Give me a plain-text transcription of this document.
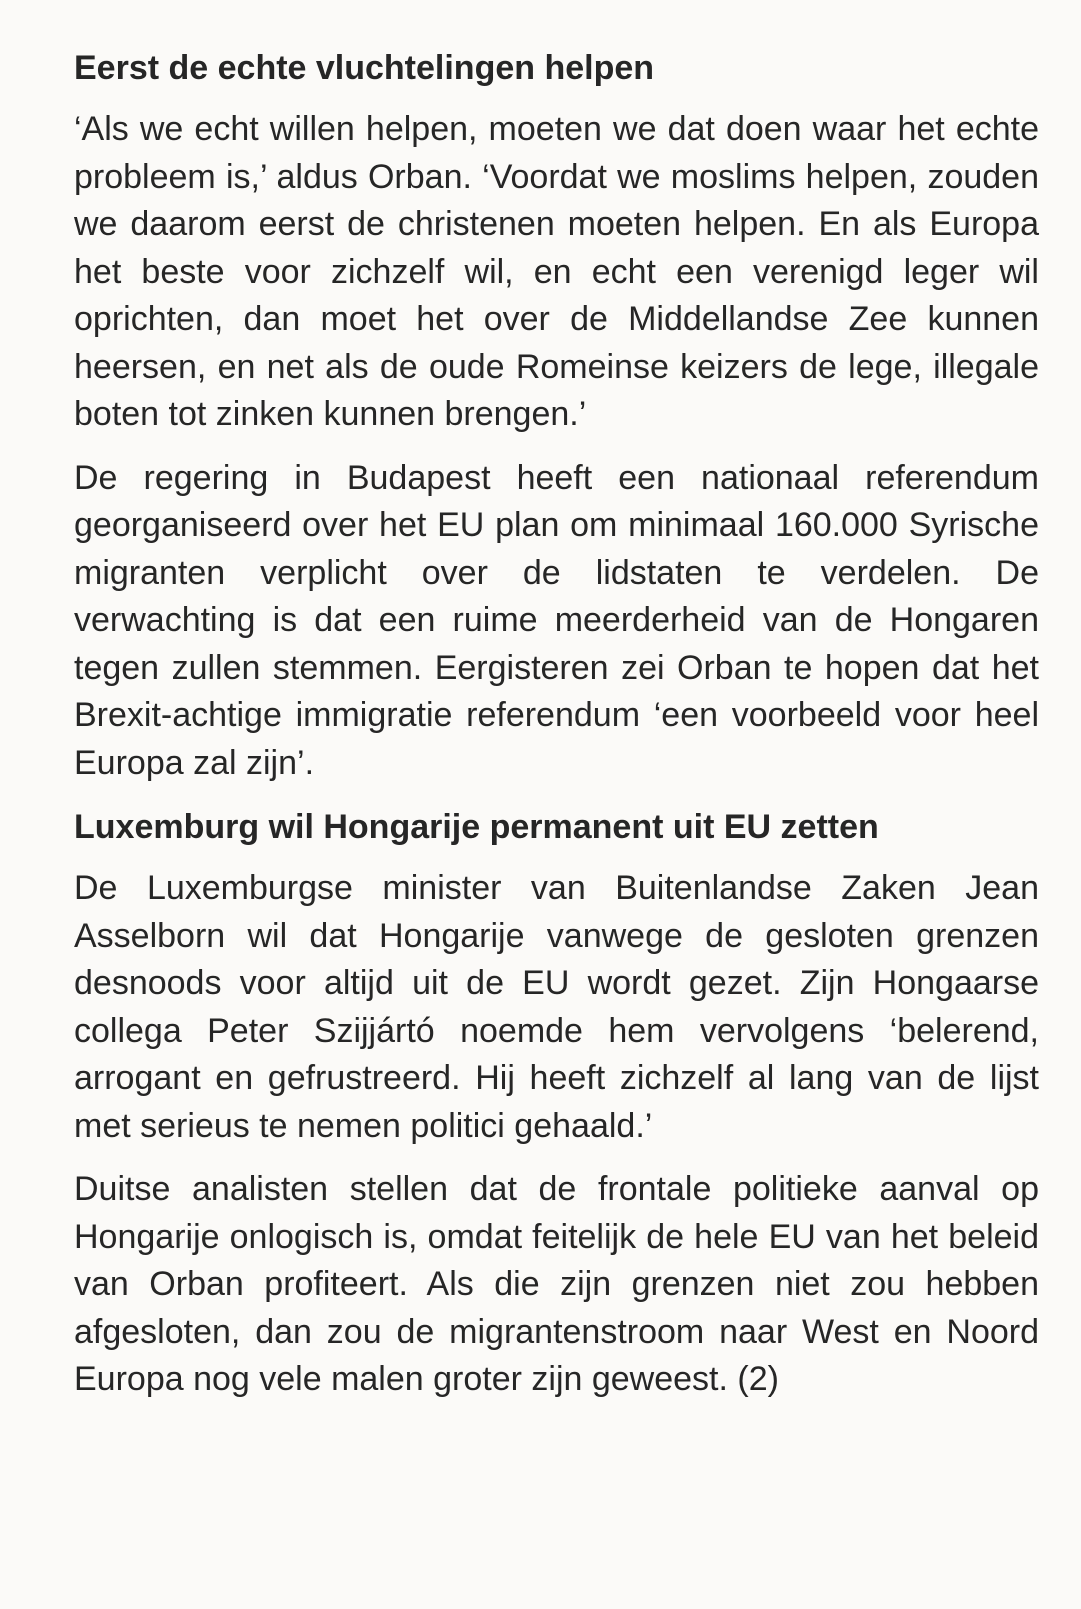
Eerst de echte vluchtelingen helpen

‘Als we echt willen helpen, moeten we dat doen waar het echte probleem is,’ aldus Orban. ‘Voordat we moslims helpen, zouden we daarom eerst de christenen moeten helpen. En als Europa het beste voor zichzelf wil, en echt een verenigd leger wil oprichten, dan moet het over de Middellandse Zee kunnen heersen, en net als de oude Romeinse keizers de lege, illegale boten tot zinken kunnen brengen.’

De regering in Budapest heeft een nationaal referendum georganiseerd over het EU plan om minimaal 160.000 Syrische migranten verplicht over de lidstaten te verdelen. De verwachting is dat een ruime meerderheid van de Hongaren tegen zullen stemmen. Eergisteren zei Orban te hopen dat het Brexit-achtige immigratie referendum ‘een voorbeeld voor heel Europa zal zijn’.

Luxemburg wil Hongarije permanent uit EU zetten

De Luxemburgse minister van Buitenlandse Zaken Jean Asselborn wil dat Hongarije vanwege de gesloten grenzen desnoods voor altijd uit de EU wordt gezet. Zijn Hongaarse collega Peter Szijjártó noemde hem vervolgens ‘belerend, arrogant en gefrustreerd. Hij heeft zichzelf al lang van de lijst met serieus te nemen politici gehaald.’

Duitse analisten stellen dat de frontale politieke aanval op Hongarije onlogisch is, omdat feitelijk de hele EU van het beleid van Orban profiteert. Als die zijn grenzen niet zou hebben afgesloten, dan zou de migrantenstroom naar West en Noord Europa nog vele malen groter zijn geweest. (2)
